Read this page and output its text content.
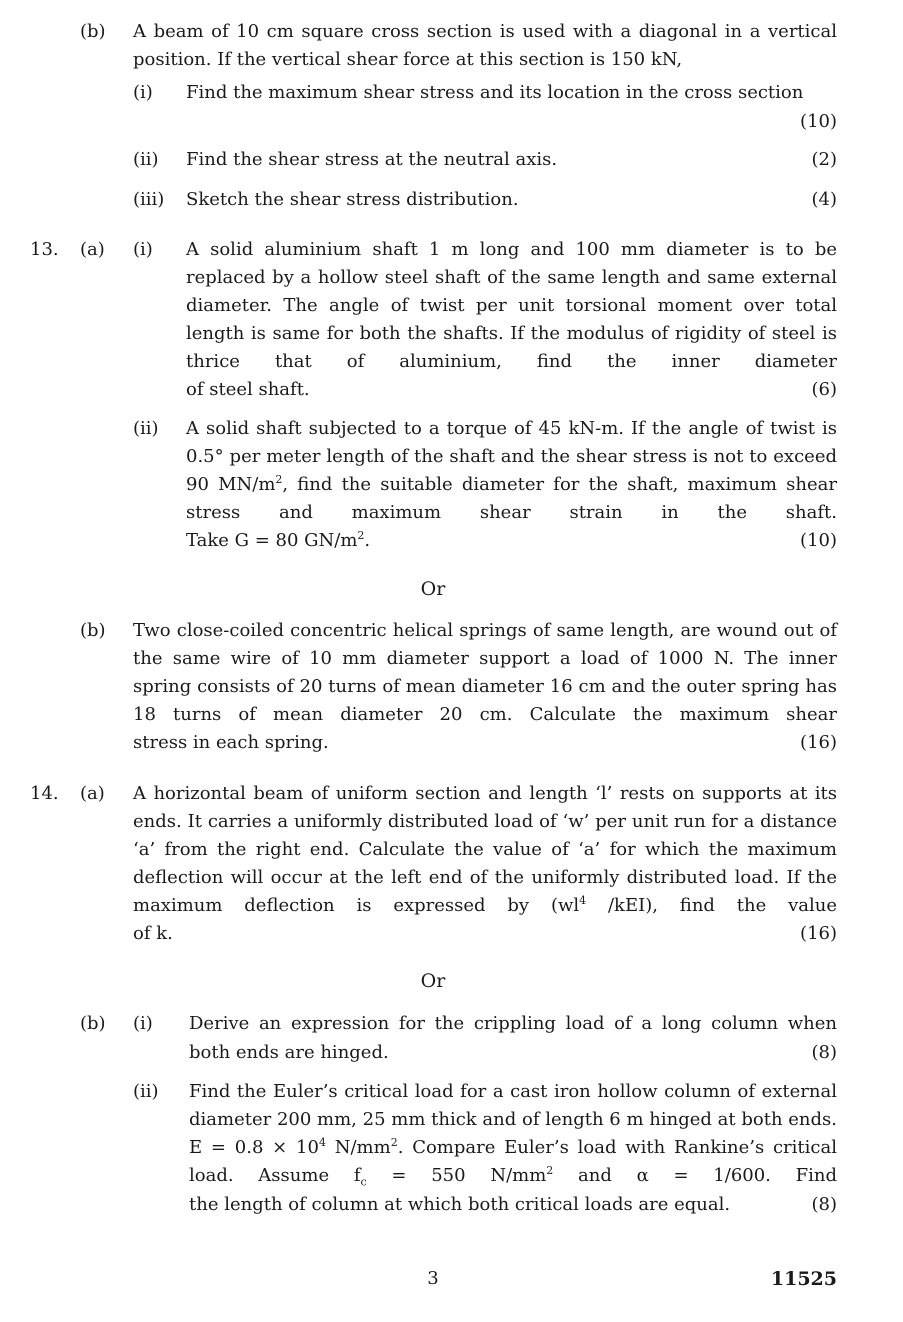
(b) A beam of 10 cm square cross section is used with a diagonal in a vertical position. If the vertical shear force at this section is 150 kN,
(i) Find the maximum shear stress and its location in the cross section
(10)
(ii) Find the shear stress at the neutral axis.	(2)
(iii) Sketch the shear stress distribution.	(4)
13. (a) (i) A solid aluminium shaft 1 m long and 100 mm diameter is to be replaced by a hollow steel shaft of the same length and same external diameter. The angle of twist per unit torsional moment over total length is same for both the shafts. If the modulus of rigidity of steel is thrice that of aluminium, find the inner diameter
of steel shaft.	(6)
(ii) A solid shaft subjected to a torque of 45 kN-m. If the angle of twist is 0.5° per meter length of the shaft and the shear stress is not to exceed 90 $MN/m^2$, find the suitable diameter for the shaft, maximum shear stress and maximum shear strain in the shaft.
Take G = 80 $GN/m^2$.	(10)
Or
(b) Two close-coiled concentric helical springs of same length, are wound out of the same wire of 10 mm diameter support a load of 1000 N. The inner spring consists of 20 turns of mean diameter 16 cm and the outer spring has 18 turns of mean diameter 20 cm. Calculate the maximum shear
stress in each spring.	(16)
14. (a) A horizontal beam of uniform section and length ‘l’ rests on supports at its ends. It carries a uniformly distributed load of ‘w’ per unit run for a distance ‘a’ from the right end. Calculate the value of ‘a’ for which the maximum deflection will occur at the left end of the uniformly distributed load. If the maximum deflection is expressed by ($wl^4$ /kEI), find the value
of k.	(16)
Or
(b) (i) Derive an expression for the crippling load of a long column when
both ends are hinged.	(8)
(ii) Find the Euler’s critical load for a cast iron hollow column of external diameter 200 mm, 25 mm thick and of length 6 m hinged at both ends. $E = 0.8 \times 10^4$ $N/mm^2$. Compare Euler’s load with Rankine’s critical load. Assume $f_c = 550$ $N/mm^2$ and α = 1/600. Find
the length of column at which both critical loads are equal.	(8)
3	11525
